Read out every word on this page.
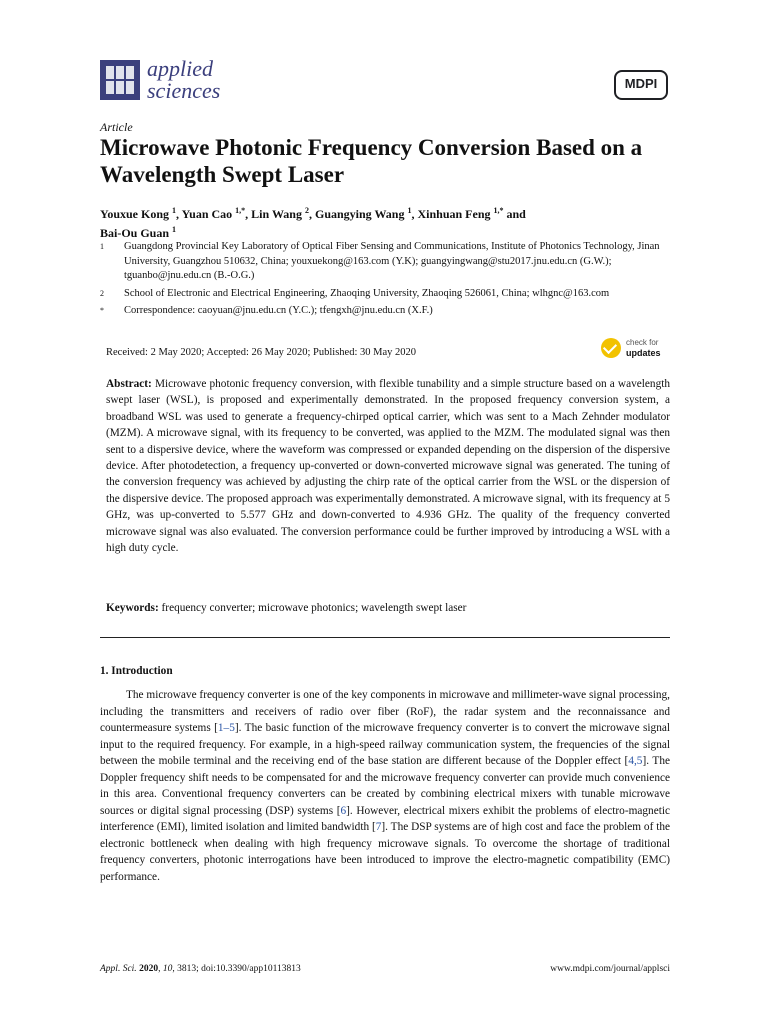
applied
sciences	MDPI
Article
Microwave Photonic Frequency Conversion Based on a Wavelength Swept Laser

Youxue Kong $^1$, Yuan Cao $^{1,*}$, Lin Wang $^2$, Guangying Wang $^1$, Xinhuan Feng $^{1,*}$ and
Bai-Ou Guan $^1$

1	Guangdong Provincial Key Laboratory of Optical Fiber Sensing and Communications, Institute of Photonics Technology, Jinan University, Guangzhou 510632, China; youxuekong@163.com (Y.K); guangyingwang@stu2017.jnu.edu.cn (G.W.); tguanbo@jnu.edu.cn (B.-O.G.)
2	School of Electronic and Electrical Engineering, Zhaoqing University, Zhaoqing 526061, China; wlhgnc@163.com
*	Correspondence: caoyuan@jnu.edu.cn (Y.C.); tfengxh@jnu.edu.cn (X.F.)
Received: 2 May 2020; Accepted: 26 May 2020; Published: 30 May 2020
check for
updates

Abstract: Microwave photonic frequency conversion, with flexible tunability and a simple structure based on a wavelength swept laser (WSL), is proposed and experimentally demonstrated. In the proposed frequency conversion system, a broadband WSL was used to generate a frequency-chirped optical carrier, which was sent to a Mach Zehnder modulator (MZM). A microwave signal, with its frequency to be converted, was applied to the MZM. The modulated signal was then sent to a dispersive device, where the waveform was compressed or expanded depending on the dispersion of the dispersive device. After photodetection, a frequency up-converted or down-converted microwave signal was generated. The tuning of the conversion frequency was achieved by adjusting the chirp rate of the optical carrier from the WSL or the dispersion of the dispersive device. The proposed approach was experimentally demonstrated. A microwave signal, with its frequency at 5 GHz, was up-converted to 5.577 GHz and down-converted to 4.936 GHz. The quality of the frequency converted microwave signal was also evaluated. The conversion performance could be further improved by introducing a WSL with a high duty cycle.

Keywords: frequency converter; microwave photonics; wavelength swept laser

1. Introduction

The microwave frequency converter is one of the key components in microwave and millimeter-wave signal processing, including the transmitters and receivers of radio over fiber (RoF), the radar system and the reconnaissance and countermeasure systems [1–5]. The basic function of the microwave frequency converter is to convert the microwave signal input to the required frequency. For example, in a high-speed railway communication system, the frequencies of the signal between the mobile terminal and the receiving end of the base station are different because of the Doppler effect [4,5]. The Doppler frequency shift needs to be compensated for and the microwave frequency converter can provide much convenience in this area. Conventional frequency converters can be created by combining electrical mixers with tunable microwave sources or digital signal processing (DSP) systems [6]. However, electrical mixers exhibit the problems of electro-magnetic interference (EMI), limited isolation and limited bandwidth [7]. The DSP systems are of high cost and face the problem of the electronic bottleneck when dealing with high frequency microwave signals. To overcome the shortage of traditional frequency converters, photonic interrogations have been introduced to improve the electro-magnetic compatibility (EMC) performance.

Appl. Sci. 2020, 10, 3813; doi:10.3390/app10113813	www.mdpi.com/journal/applsci
